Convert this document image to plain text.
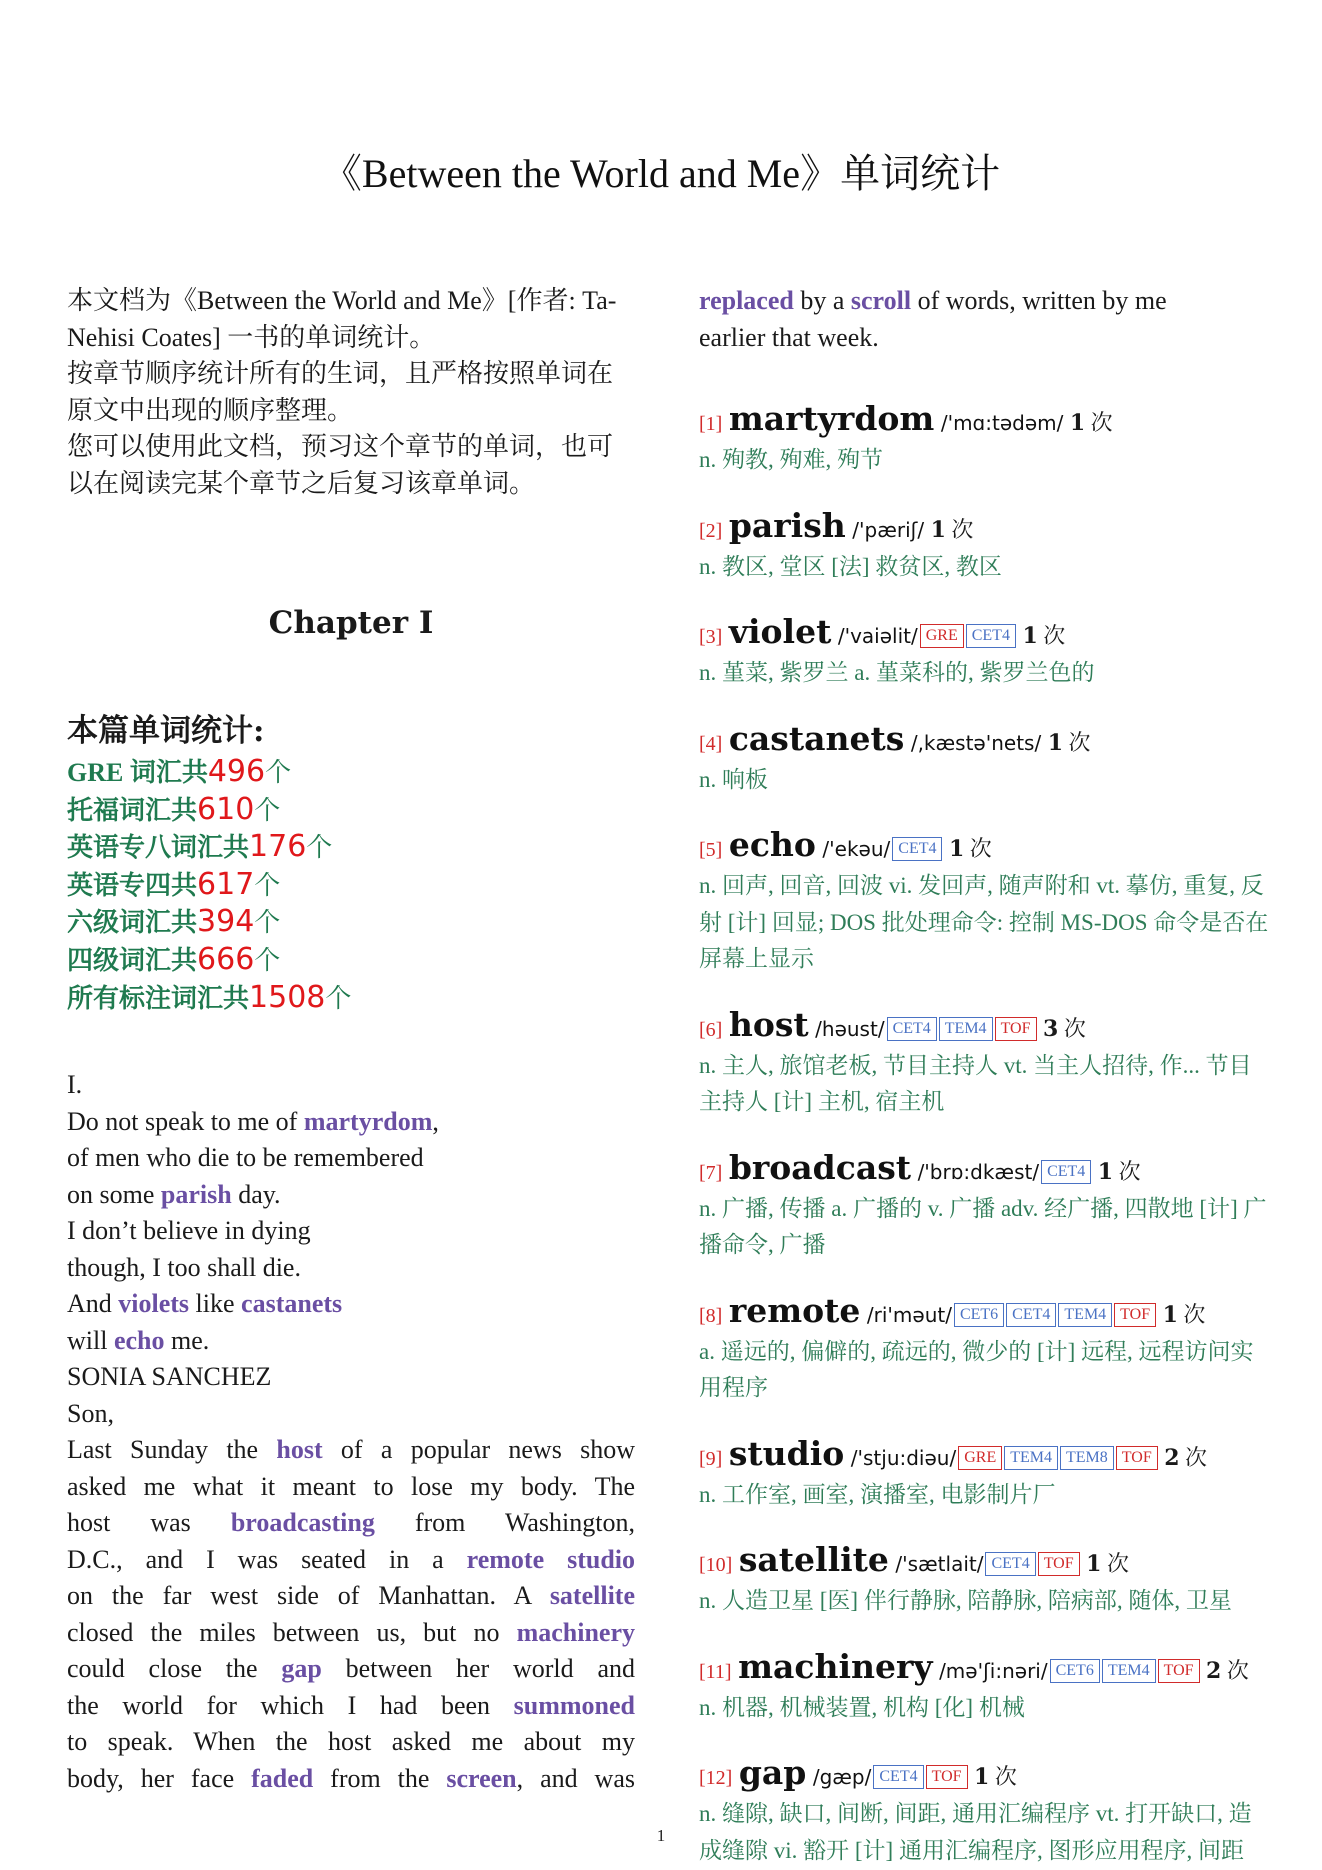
《Between the World and Me》单词统计

本文档为《Between the World and Me》[作者: Ta-Nehisi Coates] 一书的单词统计。

按章节顺序统计所有的生词，且严格按照单词在原文中出现的顺序整理。

您可以使用此文档，预习这个章节的单词，也可以在阅读完某个章节之后复习该章单词。

Chapter I
本篇单词统计:

GRE 词汇共496个

托福词汇共610个

英语专八词汇共176个

英语专四共617个

六级词汇共394个

四级词汇共666个

所有标注词汇共1508个

I.

Do not speak to me of martyrdom,

of men who die to be remembered

on some parish day.

I don’t believe in dying

though, I too shall die.

And violets like castanets

will echo me.

SONIA SANCHEZ

Son,

Last Sunday the host of a popular news show

asked me what it meant to lose my body. The

host was broadcasting from Washington,

D.C., and I was seated in a remote studio

on the far west side of Manhattan. A satellite

closed the miles between us, but no machinery

could close the gap between her world and

the world for which I had been summoned

to speak. When the host asked me about my

body, her face faded from the screen, and was

replaced by a scroll of words, written by me

earlier that week.

[1] martyrdom /'mɑ:tədəm/ 1 次

n. 殉教, 殉难, 殉节

[2] parish /'pæriʃ/ 1 次

n. 教区, 堂区 [法] 救贫区, 教区

[3] violet /'vaiəlit/ GRE CET4 1 次

n. 堇菜, 紫罗兰 a. 堇菜科的, 紫罗兰色的

[4] castanets /,kæstə'nets/ 1 次

n. 响板

[5] echo /'ekəu/ CET4 1 次

n. 回声, 回音, 回波 vi. 发回声, 随声附和 vt. 摹仿, 重复, 反射 [计] 回显; DOS 批处理命令: 控制 MS-DOS 命令是否在屏幕上显示

[6] host /həust/ CET4 TEM4 TOF 3 次

n. 主人, 旅馆老板, 节目主持人 vt. 当主人招待, 作... 节目主持人 [计] 主机, 宿主机

[7] broadcast /'brɒ:dkæst/ CET4 1 次

n. 广播, 传播 a. 广播的 v. 广播 adv. 经广播, 四散地 [计] 广播命令, 广播

[8] remote /ri'məut/ CET6 CET4 TEM4 TOF 1 次

a. 遥远的, 偏僻的, 疏远的, 微少的 [计] 远程, 远程访问实用程序

[9] studio /'stju:diəu/ GRE TEM4 TEM8 TOF 2 次

n. 工作室, 画室, 演播室, 电影制片厂

[10] satellite /'sætlait/ CET4 TOF 1 次

n. 人造卫星 [医] 伴行静脉, 陪静脉, 陪病部, 随体, 卫星

[11] machinery /mə'ʃi:nəri/ CET6 TEM4 TOF 2 次

n. 机器, 机械装置, 机构 [化] 机械

[12] gap /gæp/ CET4 TOF 1 次

n. 缝隙, 缺口, 间断, 间距, 通用汇编程序 vt. 打开缺口, 造成缝隙 vi. 豁开 [计] 通用汇编程序, 图形应用程序, 间距

1
